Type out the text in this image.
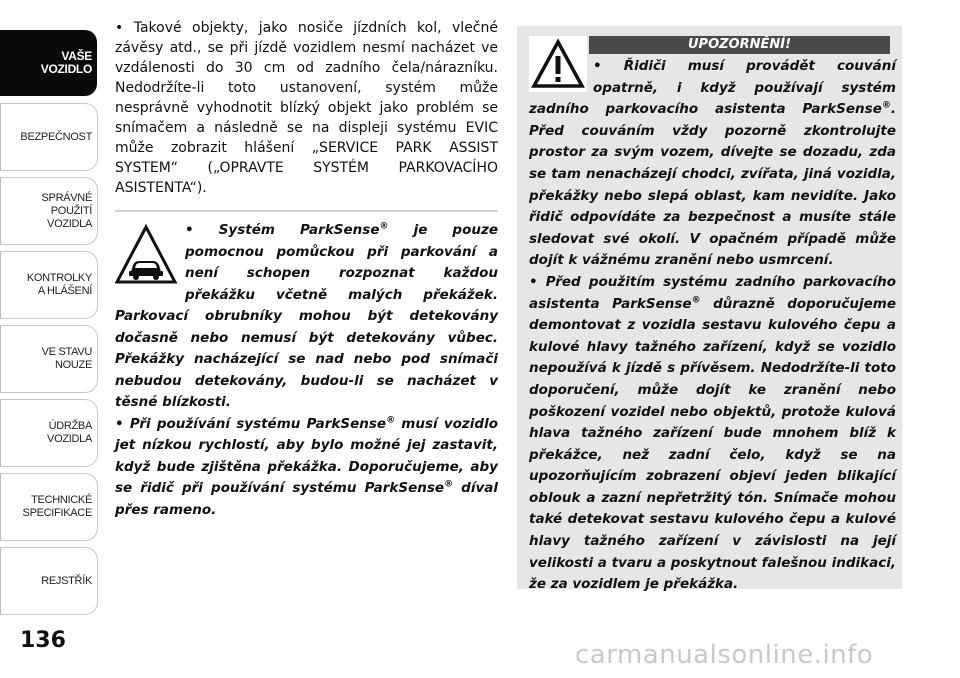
VAŠE
VOZIDLO
BEZPEČNOST
SPRÁVNÉ
POUŽITÍ
VOZIDLA
KONTROLKY
A HLÁŠENÍ
VE STAVU
NOUZE
ÚDRŽBA
VOZIDLA
TECHNICKÉ
SPECIFIKACE
REJSTŘÍK
136

• Takové objekty, jako nosiče jízdních kol, vlečné závěsy atd., se při jízdě vozidlem nesmí nacházet ve vzdálenosti do 30 cm od zadního čela/nárazníku. Nedodržíte-li toto ustanovení, systém může nesprávně vyhodnotit blízký objekt jako problém se snímačem a následně se na displeji systému EVIC může zobrazit hlášení „SERVICE PARK ASSIST SYSTEM“ („OPRAVTE SYSTÉM PARKOVACÍHO ASISTENTA“).

• Systém ParkSense® je pouze pomocnou pomůckou při parkování a není schopen rozpoznat každou překážku včetně malých překážek. Parkovací obrubníky mohou být detekovány dočasně nebo nemusí být detekovány vůbec. Překážky nacházející se nad nebo pod snímači nebudou detekovány, budou-li se nacházet v těsné blízkosti.

• Při používání systému ParkSense® musí vozidlo jet nízkou rychlostí, aby bylo možné jej zastavit, když bude zjištěna překážka. Doporučujeme, aby se řidič při používání systému ParkSense® díval přes rameno.

UPOZORNĚNÍ!

• Řidiči musí provádět couvání opatrně, i když používají systém zadního parkovacího asistenta ParkSense®. Před couváním vždy pozorně zkontrolujte prostor za svým vozem, dívejte se dozadu, zda se tam nenacházejí chodci, zvířata, jiná vozidla, překážky nebo slepá oblast, kam nevidíte. Jako řidič odpovídáte za bezpečnost a musíte stále sledovat své okolí. V opačném případě může dojít k vážnému zranění nebo usmrcení.

• Před použitím systému zadního parkovacího asistenta ParkSense® důrazně doporučujeme demontovat z vozidla sestavu kulového čepu a kulové hlavy tažného zařízení, když se vozidlo nepoužívá k jízdě s přívěsem. Nedodržíte-li toto doporučení, může dojít ke zranění nebo poškození vozidel nebo objektů, protože kulová hlava tažného zařízení bude mnohem blíž k překážce, než zadní čelo, když se na upozorňujícím zobrazení objeví jeden blikající oblouk a zazní nepřetržitý tón. Snímače mohou také detekovat sestavu kulového čepu a kulové hlavy tažného zařízení v závislosti na její velikosti a tvaru a poskytnout falešnou indikaci, že za vozidlem je překážka.

carmanualsonline.info
